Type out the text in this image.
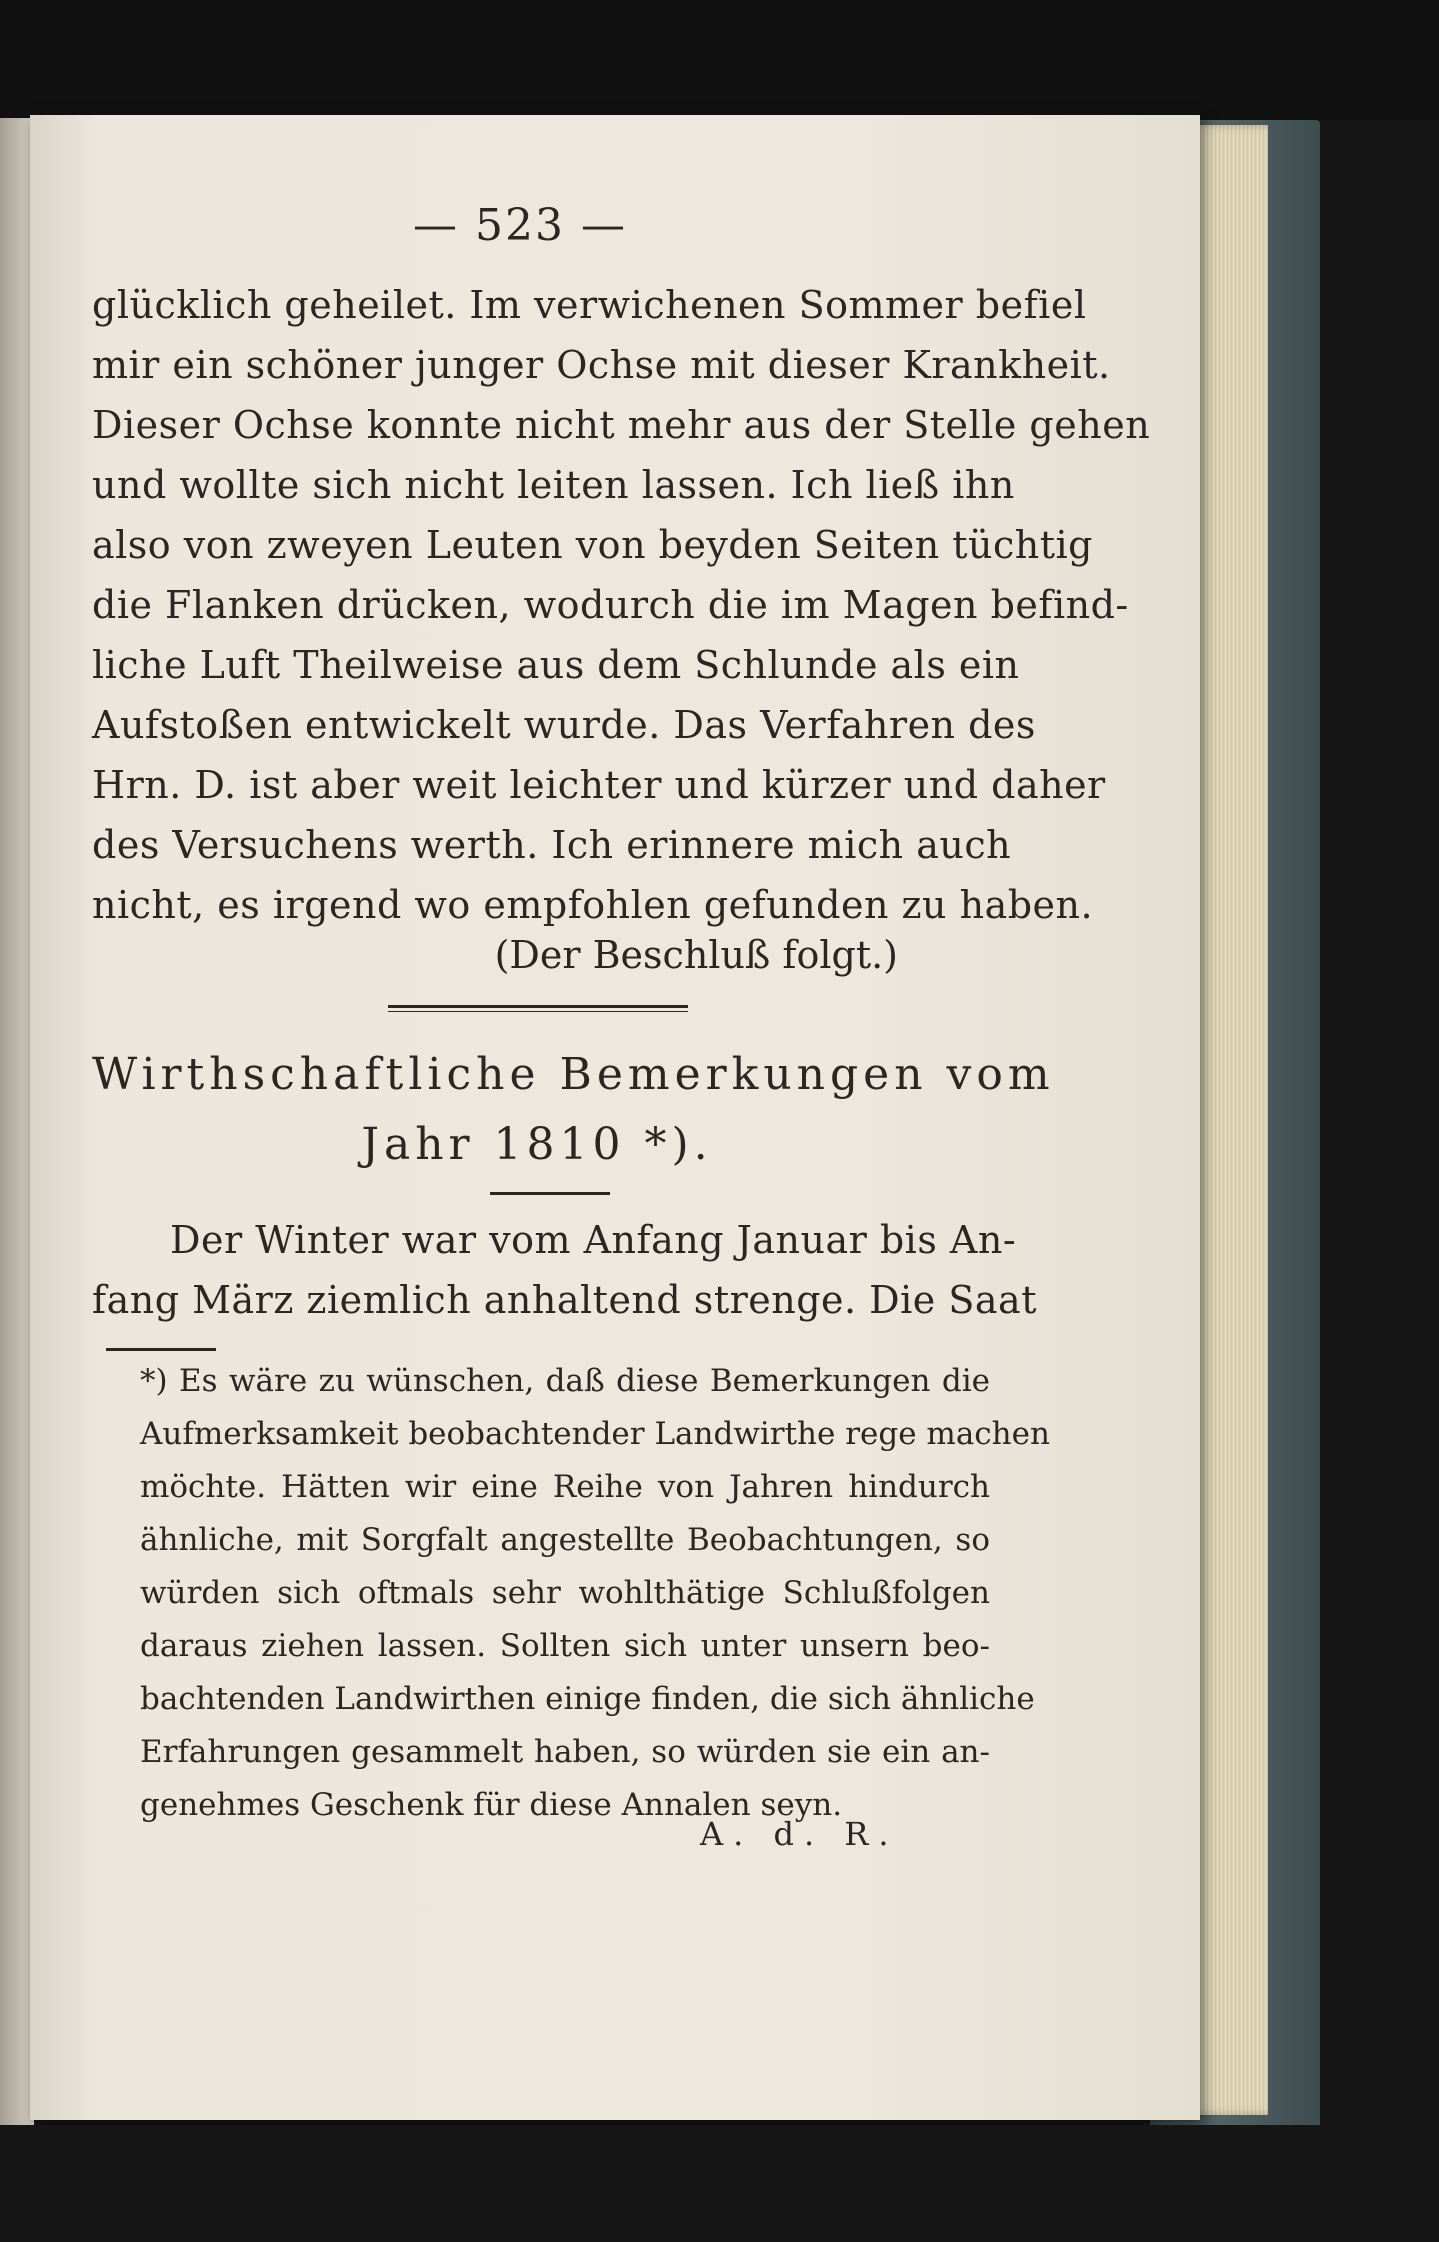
— 523 —
glücklich geheilet. Im verwichenen Sommer befiel
mir ein schöner junger Ochse mit dieser Krankheit.
Dieser Ochse konnte nicht mehr aus der Stelle gehen
und wollte sich nicht leiten lassen. Ich ließ ihn
also von zweyen Leuten von beyden Seiten tüchtig
die Flanken drücken, wodurch die im Magen befind-
liche Luft Theilweise aus dem Schlunde als ein
Aufstoßen entwickelt wurde. Das Verfahren des
Hrn. D. ist aber weit leichter und kürzer und daher
des Versuchens werth. Ich erinnere mich auch
nicht, es irgend wo empfohlen gefunden zu haben.
(Der Beschluß folgt.)
Wirthschaftliche Bemerkungen vom
Jahr 1810 *).
Der Winter war vom Anfang Januar bis An-
fang März ziemlich anhaltend strenge. Die Saat
*) Es wäre zu wünschen, daß diese Bemerkungen die
Aufmerksamkeit beobachtender Landwirthe rege machen
möchte. Hätten wir eine Reihe von Jahren hindurch
ähnliche, mit Sorgfalt angestellte Beobachtungen, so
würden sich oftmals sehr wohlthätige Schlußfolgen
daraus ziehen lassen. Sollten sich unter unsern beo-
bachtenden Landwirthen einige finden, die sich ähnliche
Erfahrungen gesammelt haben, so würden sie ein an-
genehmes Geschenk für diese Annalen seyn.
A. d. R.
